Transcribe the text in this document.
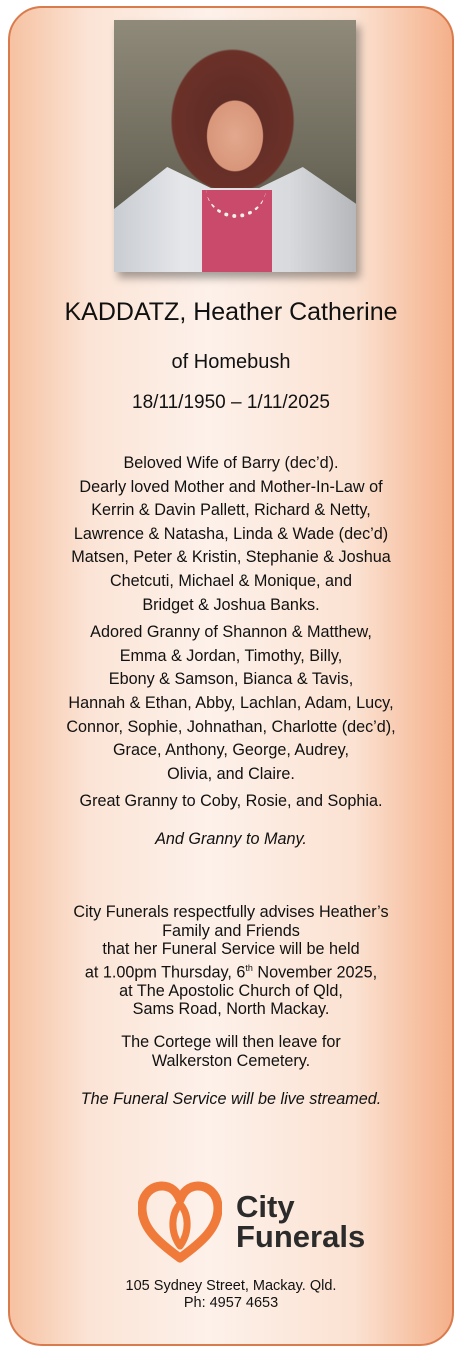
KADDATZ, Heather Catherine
of Homebush
18/11/1950 – 1/11/2025
Beloved Wife of Barry (dec’d).
Dearly loved Mother and Mother-In-Law of
Kerrin & Davin Pallett, Richard & Netty,
Lawrence & Natasha, Linda & Wade (dec’d)
Matsen, Peter & Kristin, Stephanie & Joshua
Chetcuti, Michael & Monique, and
Bridget & Joshua Banks.
Adored Granny of Shannon & Matthew,
Emma & Jordan, Timothy, Billy,
Ebony & Samson, Bianca & Tavis,
Hannah & Ethan, Abby, Lachlan, Adam, Lucy,
Connor, Sophie, Johnathan, Charlotte (dec’d),
Grace, Anthony, George, Audrey,
Olivia, and Claire.
Great Granny to Coby, Rosie, and Sophia.
And Granny to Many.
City Funerals respectfully advises Heather’s
Family and Friends
that her Funeral Service will be held
at 1.00pm Thursday, 6th November 2025,
at The Apostolic Church of Qld,
Sams Road, North Mackay.
The Cortege will then leave for
Walkerston Cemetery.
The Funeral Service will be live streamed.
City
Funerals
105 Sydney Street, Mackay. Qld.
Ph: 4957 4653
